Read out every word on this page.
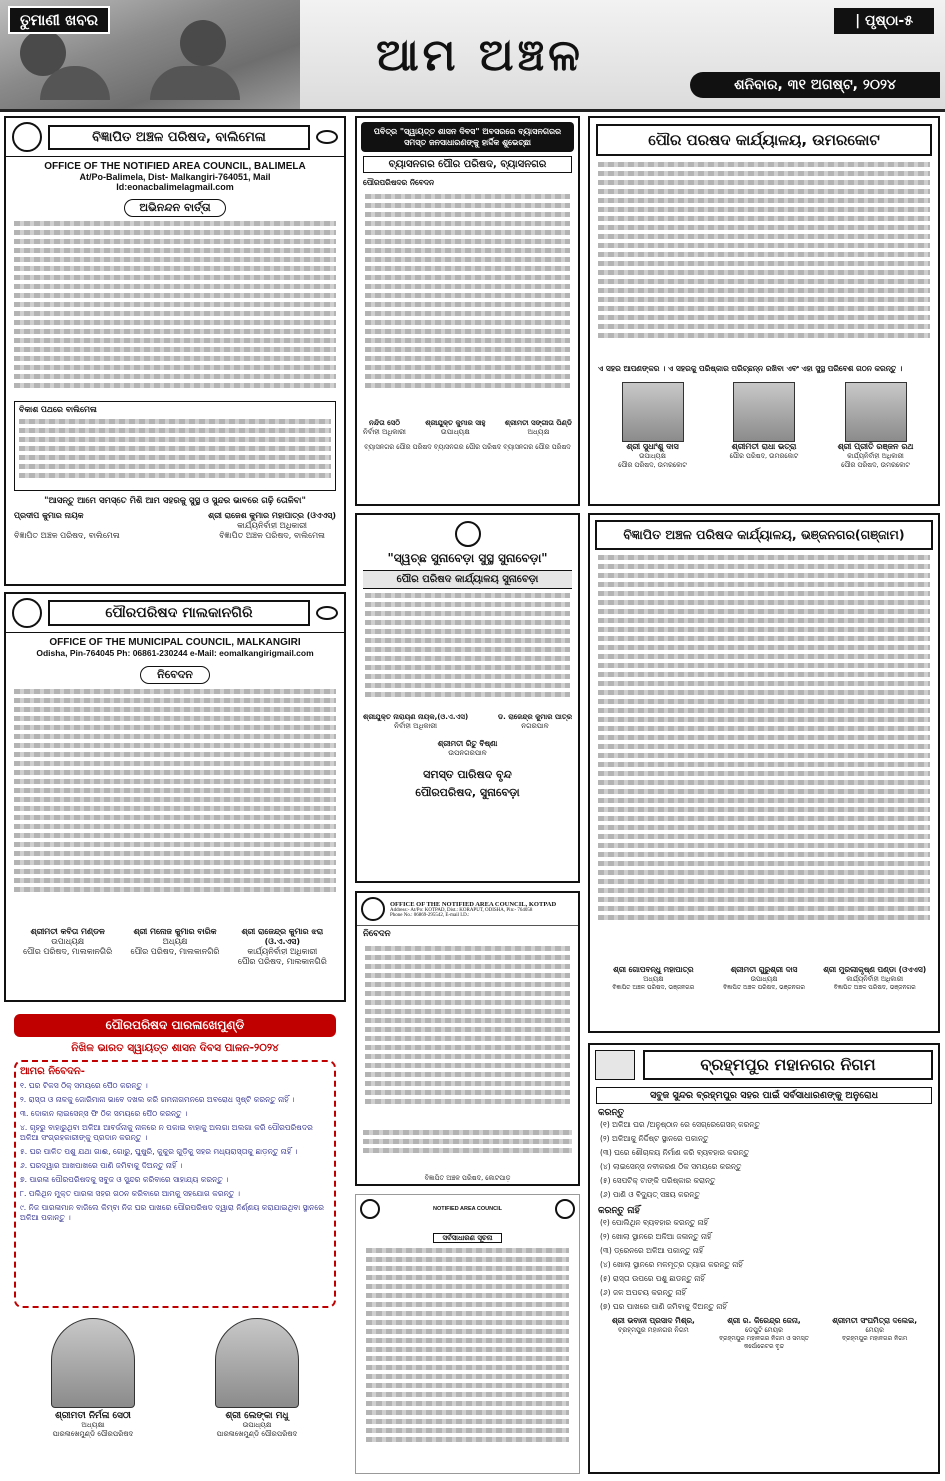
ତୁମାଣୀ ଖବର
ଆମ ଅଞ୍ଚଳ
| ପୃଷ୍ଠା-୫
ଶନିବାର, ୩୧ ଅଗଷ୍ଟ, ୨୦୨୪
ବିଜ୍ଞାପିତ ଅଞ୍ଚଳ ପରିଷଦ, ବାଲିମେଳା
OFFICE OF THE NOTIFIED AREA COUNCIL, BALIMELA
At/Po-Balimela, Dist- Malkangiri-764051, Mail
Id:eonacbalimelagmail.com
ଅଭିନନ୍ଦନ ବାର୍ତ୍ତା
ବିକାଶ ପଥରେ ବାଲିମେଳା
"ଆସନ୍ତୁ ଆମେ ସମସ୍ତେ ମିଶି ଆମ ସହରକୁ ସୁସ୍ଥ ଓ ସୁନ୍ଦର ଭାବରେ ଗଢ଼ି ତୋଳିବା"
ପ୍ରଦୀପ କୁମାର ନାୟକ
ବିଜ୍ଞାପିତ ଅଞ୍ଚଳ ପରିଷଦ, ବାଲିମେଳା
ଶ୍ରୀ ରାଜେଶ କୁମାର ମହାପାତ୍ର (ଓଏଏସ୍)
କାର୍ଯ୍ୟନିର୍ବାହୀ ଅଧିକାରୀ
ବିଜ୍ଞାପିତ ଅଞ୍ଚଳ ପରିଷଦ, ବାଲିମେଳା
ପୌରପରିଷଦ ମାଲକାନଗିରି
OFFICE OF THE MUNICIPAL COUNCIL, MALKANGIRI
Odisha, Pin-764045 Ph: 06861-230244 e-Mail: eomalkangirigmail.com
ନିବେଦନ
ଶ୍ରୀମତୀ କବିତା ମଣ୍ଡଳ
ଉପାଧ୍ୟକ୍ଷ
ପୌର ପରିଷଦ, ମାଲକାନଗିରି
ଶ୍ରୀ ମନୋଜ କୁମାର ବାରିକ
ଅଧ୍ୟକ୍ଷ
ପୌର ପରିଷଦ, ମାଲକାନଗିରି
ଶ୍ରୀ ରାଜେନ୍ଦ୍ର କୁମାର ଝରା (ଓ.ଏ.ଏସ)
କାର୍ଯ୍ୟନିର୍ବାହୀ ଅଧିକାରୀ
ପୌର ପରିଷଦ, ମାଲକାନଗିରି
ପୌରପରିଷଦ ପାରଳାଖେମୁଣ୍ଡି
ନିଖିଳ ଭାରତ ସ୍ୱାୟତ୍ତ ଶାସନ ଦିବସ ପାଳନ-୨୦୨୪
ଆମର ନିବେଦନ-
୧. ଘର ଟିକସ ଠିକ୍ ସମୟରେ ପୈଠ କରନ୍ତୁ ।
୨. ରାସ୍ତା ଓ ନାଳକୁ ଜୋରିମାନା ଭାବେ ଦଖଲ କରି ଗମନାଗମନରେ ଅବରୋଧ ସୃଷ୍ଟି କରନ୍ତୁ ନାହିଁ ।
୩. ଦୋକାନ ଲାଇସେନ୍ସ ଫି ଠିକ ସମୟରେ ପୈଠ କରନ୍ତୁ ।
୪. ଗୃହରୁ ବାହାରୁଥିବା ଅଳିଆ ଆବର୍ଜନାକୁ ନାଳରେ ନ ପକାଇ ବାହାକୁ ଅଲଗା ଅଲଗା କରି ପୌରପରିଷଦର ଅଳିଆ ସଂଗ୍ରହକାରୀଙ୍କୁ ପ୍ରଦାନ କରନ୍ତୁ ।
୫. ଘର ପାଳିତ ପଶୁ ଯଥା ଗାଈ, ଗୋରୁ, ଘୁଷୁରି, କୁକୁର ଗୁଡ଼ିକୁ ସହର ମଧ୍ୟରାସ୍ତାକୁ ଛାଡ଼ନ୍ତୁ ନାହିଁ ।
୬. ଘରଦ୍ୱାର ଆଖପାଖରେ ପାଣି ଜମିବାକୁ ଦିଅନ୍ତୁ ନାହିଁ ।
୭. ପାରଳା ପୌରପରିଷଦକୁ ସବୁଜ ଓ ସୁନ୍ଦର କରିବାରେ ସାହାଯ୍ୟ କରନ୍ତୁ ।
୮. ପଲିଥିନ ମୁକ୍ତ ପାରଳା ସହର ଗଠନ କରିବାରେ ଆମକୁ ସହଯୋଗ କରନ୍ତୁ ।
୯. ନିଜ ପାରଳାମାନ ବାଜିଲେ କିମ୍ବା ନିଜ ଘର ପାଖରେ ପୌରପରିଷଦ ଦ୍ୱାରା ନିର୍ଣ୍ଣୟ କରାଯାଇଥିବା ସ୍ଥାନରେ ଅଳିଆ ପକାନ୍ତୁ ।
ଶ୍ରୀମତୀ ନିର୍ମଳା ସେଠୀ
ଅଧ୍ୟକ୍ଷା
ପାରଳାଖେମୁଣ୍ଡି ପୌରପରିଷଦ
ଶ୍ରୀ ଲେଙ୍କା ମଧୁ
ଉପାଧ୍ୟକ୍ଷ
ପାରଳାଖେମୁଣ୍ଡି ପୌରପରିଷଦ
ପବିତ୍ର "ସ୍ୱାୟତ୍ତ ଶାସନ ଦିବସ" ଅବସରରେ ବ୍ୟାସନଗରର ସମସ୍ତ ଜନସାଧାରଣଙ୍କୁ ହାର୍ଦ୍ଦିକ ଶୁଭେଚ୍ଛା
ବ୍ୟାସନଗର ପୌର ପରିଷଦ, ବ୍ୟାସନଗର
ପୌରପରିଷଦର ନିବେଦନ
ନନ୍ଦିତା ସେଠି
ନିର୍ବାହୀ ଅଧିକାରୀ
ଶ୍ରୀଯୁକ୍ତ କୁମାର ସାହୁ
ଉପାଧ୍ୟକ୍ଷ
ଶ୍ରୀମତୀ ସଙ୍ଗୀତା ପିଣ୍ଡି
ଅଧ୍ୟକ୍ଷ
ବ୍ୟାସନଗର ପୌର ପରିଷଦ ବ୍ୟାସନଗର ପୌର ପରିଷଦ ବ୍ୟାସନଗର ପୌର ପରିଷଦ
"ସ୍ୱଚ୍ଛ ସୁନାବେଡ଼ା ସୁସ୍ଥ ସୁନାବେଡ଼ା"
ପୌର ପରିଷଦ କାର୍ଯ୍ୟାଳୟ ସୁନାବେଡ଼ା
ଶ୍ରୀଯୁକ୍ତ ନାରାୟଣ ନାୟକ,(ଓ.ଏ.ଏସ)
ନିର୍ବାହୀ ଅଧିକାରୀ
ଡ. ରାଜେନ୍ଦ୍ର କୁମାର ପାତ୍ର
ନଗରପାଳ
ଶ୍ରୀମତୀ ରିତୁ ବିଷ୍ଣା
ଉପନଗରପାଳ
ସମସ୍ତ ପାରିଷଦ ବୃନ୍ଦ
ପୌରପରିଷଦ, ସୁନାବେଡ଼ା
OFFICE OF THE NOTIFIED AREA COUNCIL, KOTPAD
Address:- At/Po: KOTPAD, Dist.: KORAPUT, ODISHA, Pin:- 764058
Phone No.: 06869-295542, E-mail I.D.:
ନିବେଦନ
ବିଜ୍ଞାପିତ ଅଞ୍ଚଳ ପରିଷଦ, କୋଟପାଡ଼
NOTIFIED AREA COUNCIL
ସର୍ବସାଧାରଣ ସୂଚନା
ପୌର ପରଷଦ କାର୍ଯ୍ୟାଳୟ, ଉମରକୋଟ
ଏ ସହର ଆପଣଙ୍କର । ଏ ସହରକୁ ପରିଷ୍କାର ପରିଚ୍ଛନ୍ନ ରଖିବା ଏବଂ ଏହା ସୁସ୍ଥ ପରିବେଶ ଗଠନ କରନ୍ତୁ ।
ଶ୍ରୀ ସୁଧାଂଶୁ ଦାସ
ଉପାଧ୍ୟକ୍ଷ
ପୌର ପରିଷଦ, ଉମରକୋଟ
ଶ୍ରୀମତୀ ରାଧା ଭତ୍ରା
ପୌର ପରିଷଦ, ଉମରକୋଟ
ଶ୍ରୀ ପ୍ରୀତି ରଞ୍ଜନ ରଥ
କାର୍ଯ୍ୟନିର୍ବାହୀ ଅଧିକାରୀ
ପୌର ପରିଷଦ, ଉମରକୋଟ
ବିଜ୍ଞାପିତ ଅଞ୍ଚଳ ପରିଷଦ କାର୍ଯ୍ୟାଳୟ, ଭଞ୍ଜନଗର(ଗଞ୍ଜାମ)
ଶ୍ରୀ ଗୋପବନ୍ଧୁ ମହାପାତ୍ର
ଅଧ୍ୟକ୍ଷ
ବିଜ୍ଞାପିତ ଅଞ୍ଚଳ ପରିଷଦ, ଭଞ୍ଜନଗର
ଶ୍ରୀମତୀ ଗୁରୁଶ୍ରୀ ଦାସ
ଉପାଧ୍ୟକ୍ଷ
ବିଜ୍ଞାପିତ ଅଞ୍ଚଳ ପରିଷଦ, ଭଞ୍ଜନଗର
ଶ୍ରୀ ମୁରଲୀକୃଷ୍ଣ ପଣ୍ଡା (ଓଏଏସ)
କାର୍ଯ୍ୟନିର୍ବାହୀ ଅଧିକାରୀ
ବିଜ୍ଞାପିତ ଅଞ୍ଚଳ ପରିଷଦ, ଭଞ୍ଜନଗର
ବ୍ରହ୍ମପୁର ମହାନଗର ନିଗମ
ସବୁଜ ସୁନ୍ଦର ବ୍ରହ୍ମପୁର ସହର ପାଇଁ ସର୍ବସାଧାରଣଙ୍କୁ ଅନୁରୋଧ
କରନ୍ତୁ
(୧) ଅଳିଆ ଘର /ଅନୁଷ୍ଠାନ ରେ ସେଗ୍ରେଗେସନ୍ କରନ୍ତୁ
(୨) ଅଳିଆକୁ ନିର୍ଦ୍ଦିଷ୍ଟ ସ୍ଥାନରେ ପକାନ୍ତୁ
(୩) ଘରେ ଶୌଚାଳୟ ନିର୍ମାଣ କରି ବ୍ୟବହାର କରନ୍ତୁ
(୪) ଲାଇସେନ୍ସ ନବୀକରଣ ଠିକ ସମୟରେ କରନ୍ତୁ
(୫) ସେପଟିକ୍ ଟାଙ୍କି ପରିଷ୍କାର କରାନ୍ତୁ
(୬) ପାଣି ଓ ବିଦ୍ୟୁତ୍ ସଞ୍ଚୟ କରନ୍ତୁ
କରନ୍ତୁ ନାହିଁ
(୧) ପୋଲିଥିନ ବ୍ୟବହାର କରନ୍ତୁ ନାହିଁ
(୨) ଖୋଲା ସ୍ଥାନରେ ଅଳିଆ ଜଳାନ୍ତୁ ନାହିଁ
(୩) ଡ୍ରେନରେ ଅଳିଆ ପକାନ୍ତୁ ନାହିଁ
(୪) ଖୋଲା ସ୍ଥାନରେ ମଳମୂତ୍ର ତ୍ୟାଗ କରନ୍ତୁ ନାହିଁ
(୫) ରାସ୍ତା ଉପରେ ପଶୁ ଛାଡନ୍ତୁ ନାହିଁ
(୬) ଜଳ ଅପଚୟ କରନ୍ତୁ ନାହିଁ
(୭) ଘର ପାଖରେ ପାଣି ଜମିବାକୁ ଦିଅନ୍ତୁ ନାହିଁ
ଶ୍ରୀ ଭବାନୀ ପ୍ରସାଦ ମିଶ୍ର,
ବ୍ରହ୍ମପୁର ମହାନଗର ନିଗମ
ଶ୍ରୀ ର. କିରେନ୍ଦ୍ର ଜେନା,
ଡେପୁଟି ମେୟର
ବ୍ରହ୍ମପୁର ମହାନଗର ନିଗମ ଓ ସମସ୍ତ କର୍ପୋରେଟର ବୃନ୍ଦ
ଶ୍ରୀମତୀ ସଂଘମିତ୍ରା ଦଲେଇ,
ମେୟର
ବ୍ରହ୍ମପୁର ମହାନଗର ନିଗମ
